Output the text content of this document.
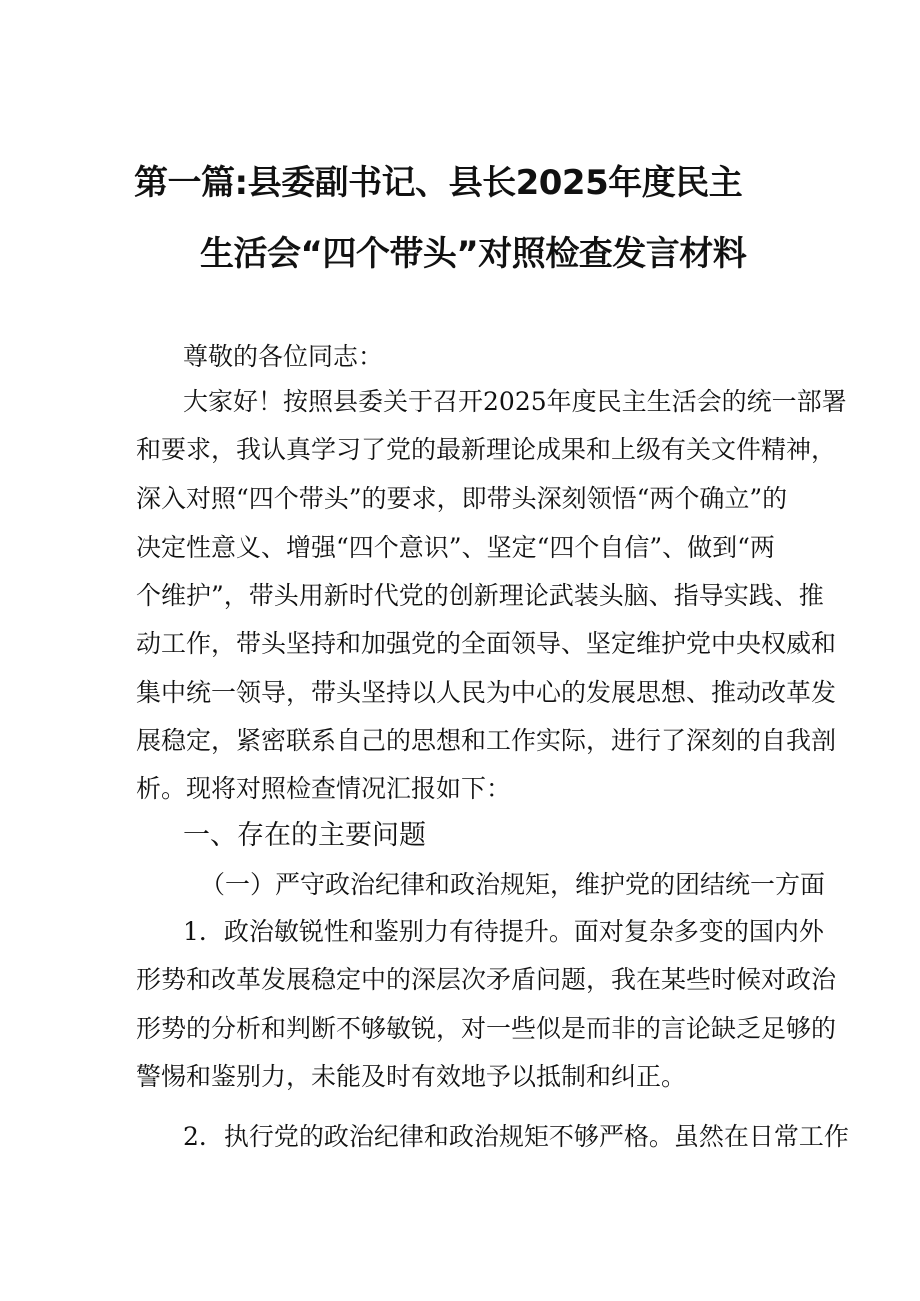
第一篇:县委副书记、县长2025年度民主
生活会“四个带头”对照检查发言材料
尊敬的各位同志：
大家好！按照县委关于召开2025年度民主生活会的统一部署
和要求，我认真学习了党的最新理论成果和上级有关文件精神，
深入对照“四个带头”的要求，即带头深刻领悟“两个确立”的
决定性意义、增强“四个意识”、坚定“四个自信”、做到“两
个维护”，带头用新时代党的创新理论武装头脑、指导实践、推
动工作，带头坚持和加强党的全面领导、坚定维护党中央权威和
集中统一领导，带头坚持以人民为中心的发展思想、推动改革发
展稳定，紧密联系自己的思想和工作实际，进行了深刻的自我剖
析。现将对照检查情况汇报如下：
一、存在的主要问题
（一）严守政治纪律和政治规矩，维护党的团结统一方面
1．政治敏锐性和鉴别力有待提升。面对复杂多变的国内外
形势和改革发展稳定中的深层次矛盾问题，我在某些时候对政治
形势的分析和判断不够敏锐，对一些似是而非的言论缺乏足够的
警惕和鉴别力，未能及时有效地予以抵制和纠正。
2．执行党的政治纪律和政治规矩不够严格。虽然在日常工作
